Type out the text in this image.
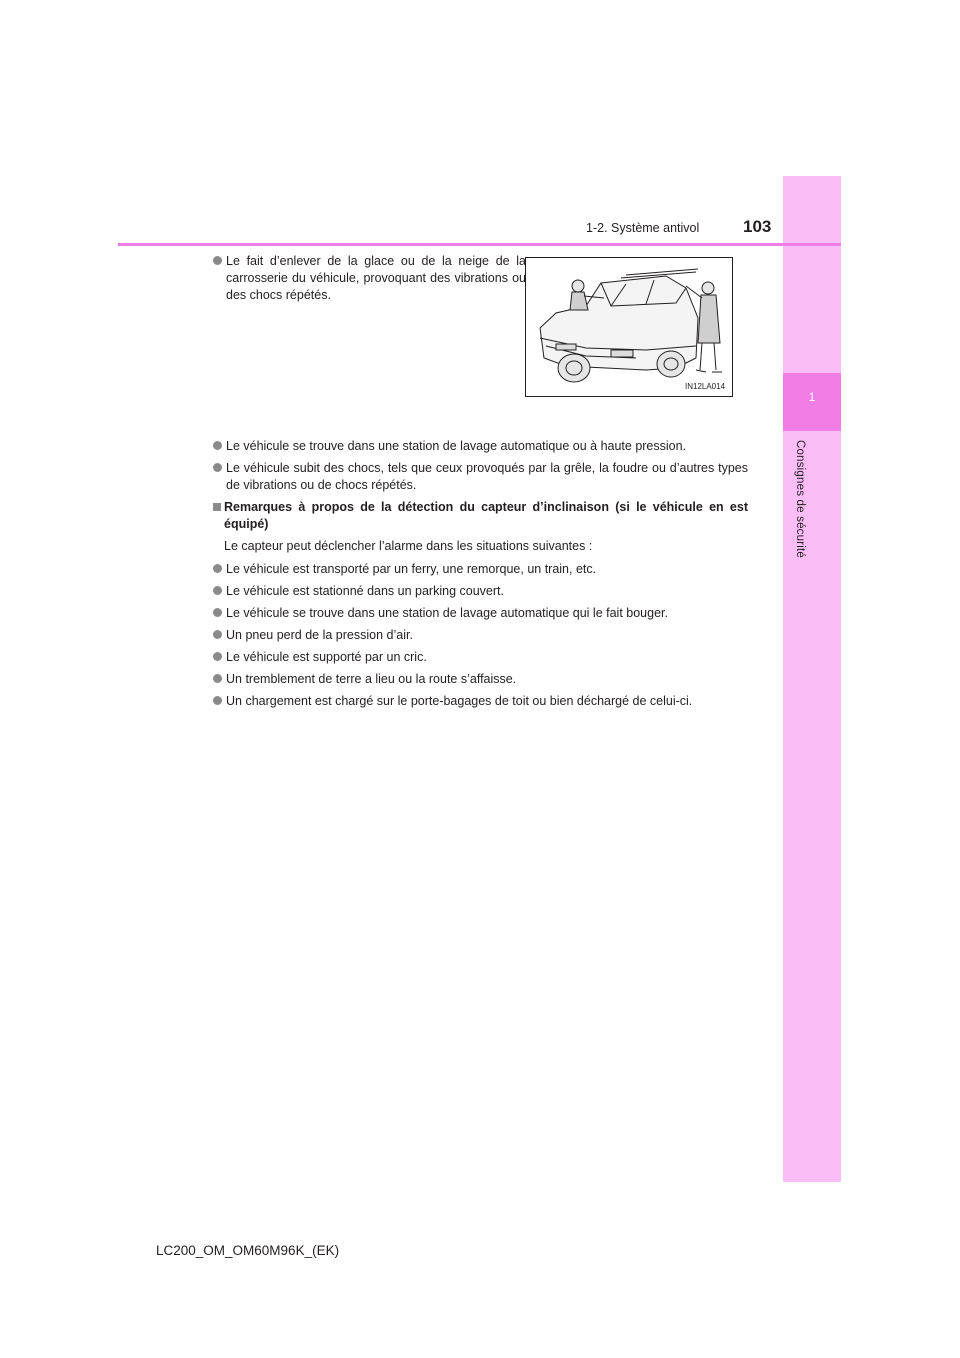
1
Consignes de sécurité
1-2. Système antivol	103
IN12LA014
Le fait d’enlever de la glace ou de la neige de la carrosserie du véhicule, provoquant des vibrations ou des chocs répétés.
Le véhicule se trouve dans une station de lavage automatique ou à haute pression.
Le véhicule subit des chocs, tels que ceux provoqués par la grêle, la foudre ou d’autres types de vibrations ou de chocs répétés.
Remarques à propos de la détection du capteur d’inclinaison (si le véhicule en est équipé)
Le capteur peut déclencher l’alarme dans les situations suivantes :
Le véhicule est transporté par un ferry, une remorque, un train, etc.
Le véhicule est stationné dans un parking couvert.
Le véhicule se trouve dans une station de lavage automatique qui le fait bouger.
Un pneu perd de la pression d’air.
Le véhicule est supporté par un cric.
Un tremblement de terre a lieu ou la route s’affaisse.
Un chargement est chargé sur le porte-bagages de toit ou bien déchargé de celui-ci.
LC200_OM_OM60M96K_(EK)
